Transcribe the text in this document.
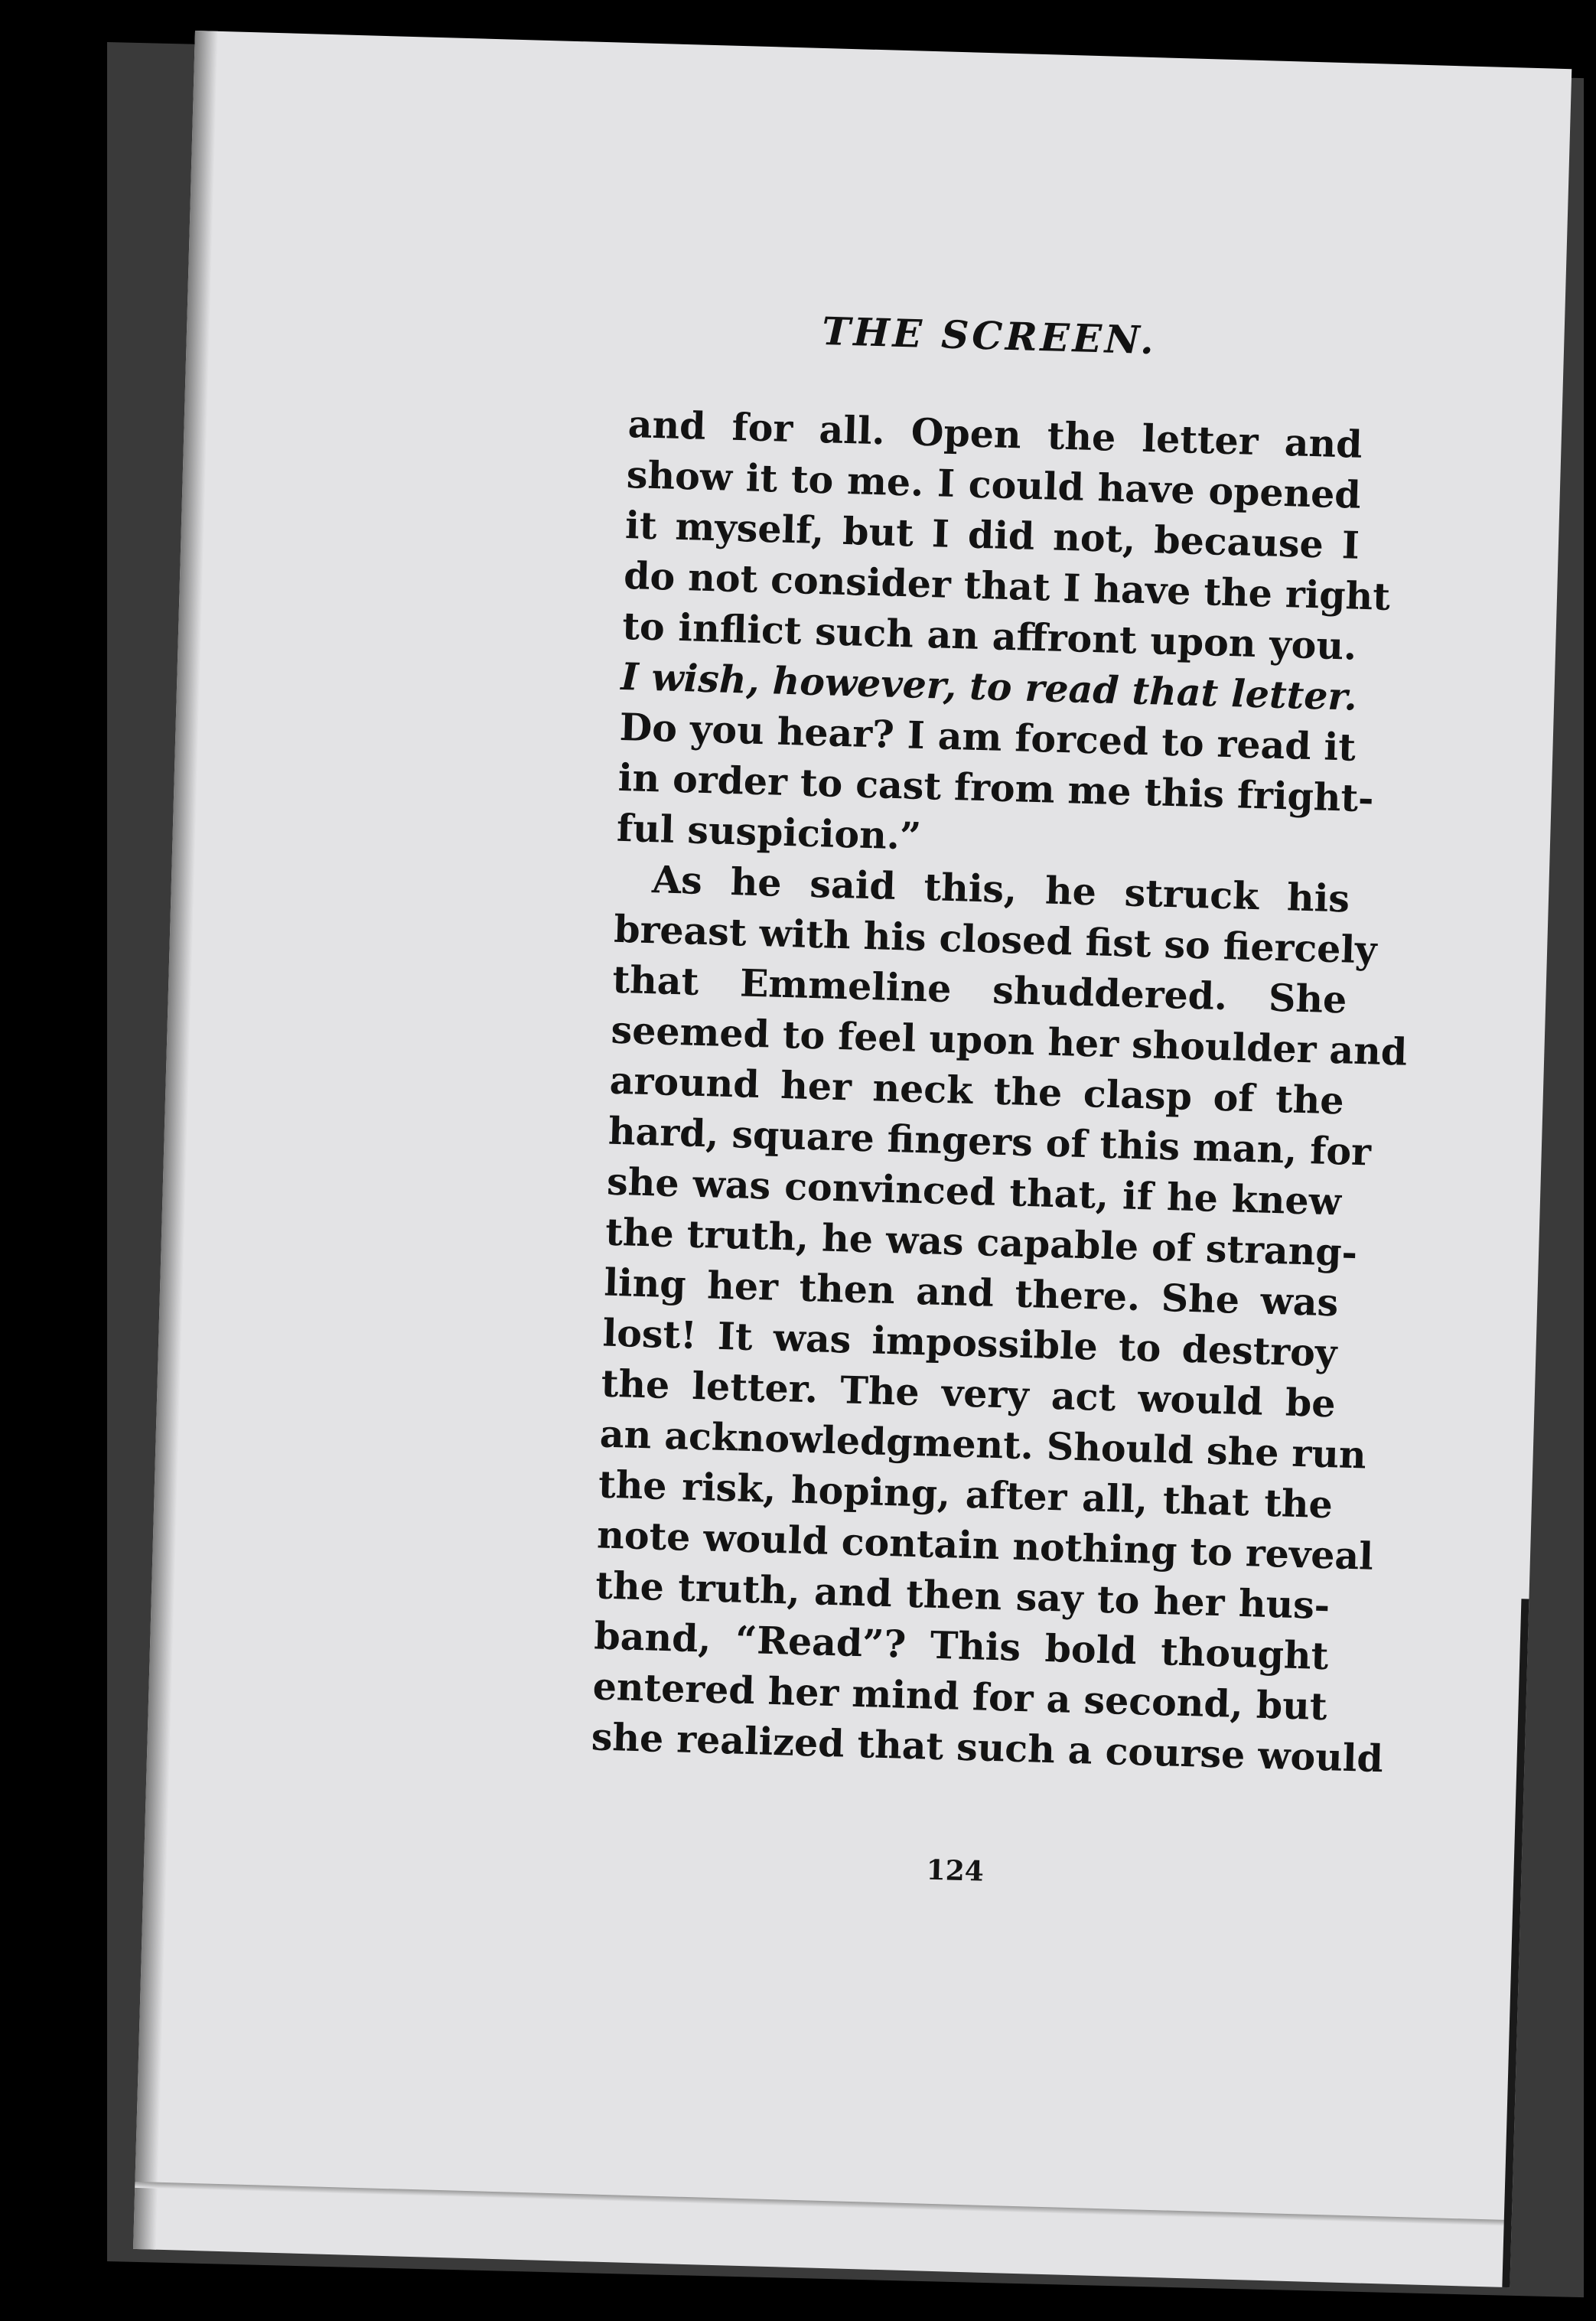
THE SCREEN.
and for all. Open the letter and
show it to me. I could have opened
it myself, but I did not, because I
do not consider that I have the right
to inflict such an affront upon you.
I wish, however, to read that letter.
Do you hear? I am forced to read it
in order to cast from me this fright-
ful suspicion.”
As he said this, he struck his
breast with his closed fist so fiercely
that Emmeline shuddered. She
seemed to feel upon her shoulder and
around her neck the clasp of the
hard, square fingers of this man, for
she was convinced that, if he knew
the truth, he was capable of strang-
ling her then and there. She was
lost! It was impossible to destroy
the letter. The very act would be
an acknowledgment. Should she run
the risk, hoping, after all, that the
note would contain nothing to reveal
the truth, and then say to her hus-
band, “Read”? This bold thought
entered her mind for a second, but
she realized that such a course would
124
